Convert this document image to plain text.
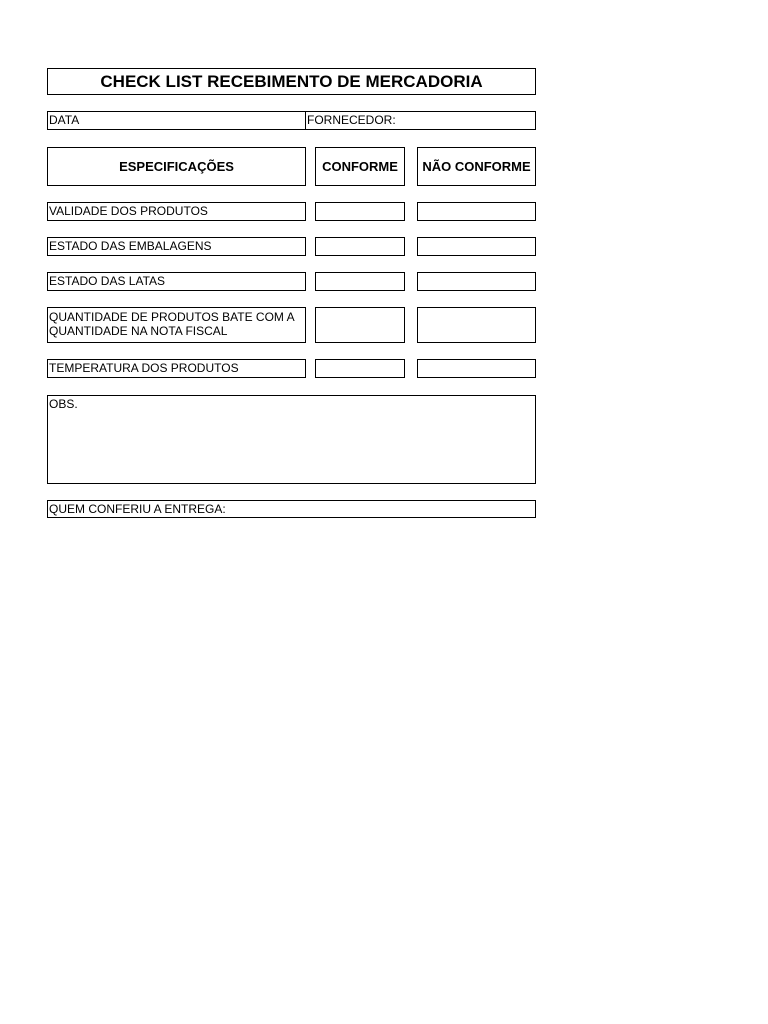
CHECK LIST RECEBIMENTO DE MERCADORIA
DATA	FORNECEDOR:
ESPECIFICAÇÕES	CONFORME	NÃO CONFORME
VALIDADE DOS PRODUTOS
ESTADO DAS EMBALAGENS
ESTADO DAS LATAS
QUANTIDADE DE PRODUTOS BATE COM A
QUANTIDADE NA NOTA FISCAL
TEMPERATURA DOS PRODUTOS
OBS.
QUEM CONFERIU A ENTREGA:
